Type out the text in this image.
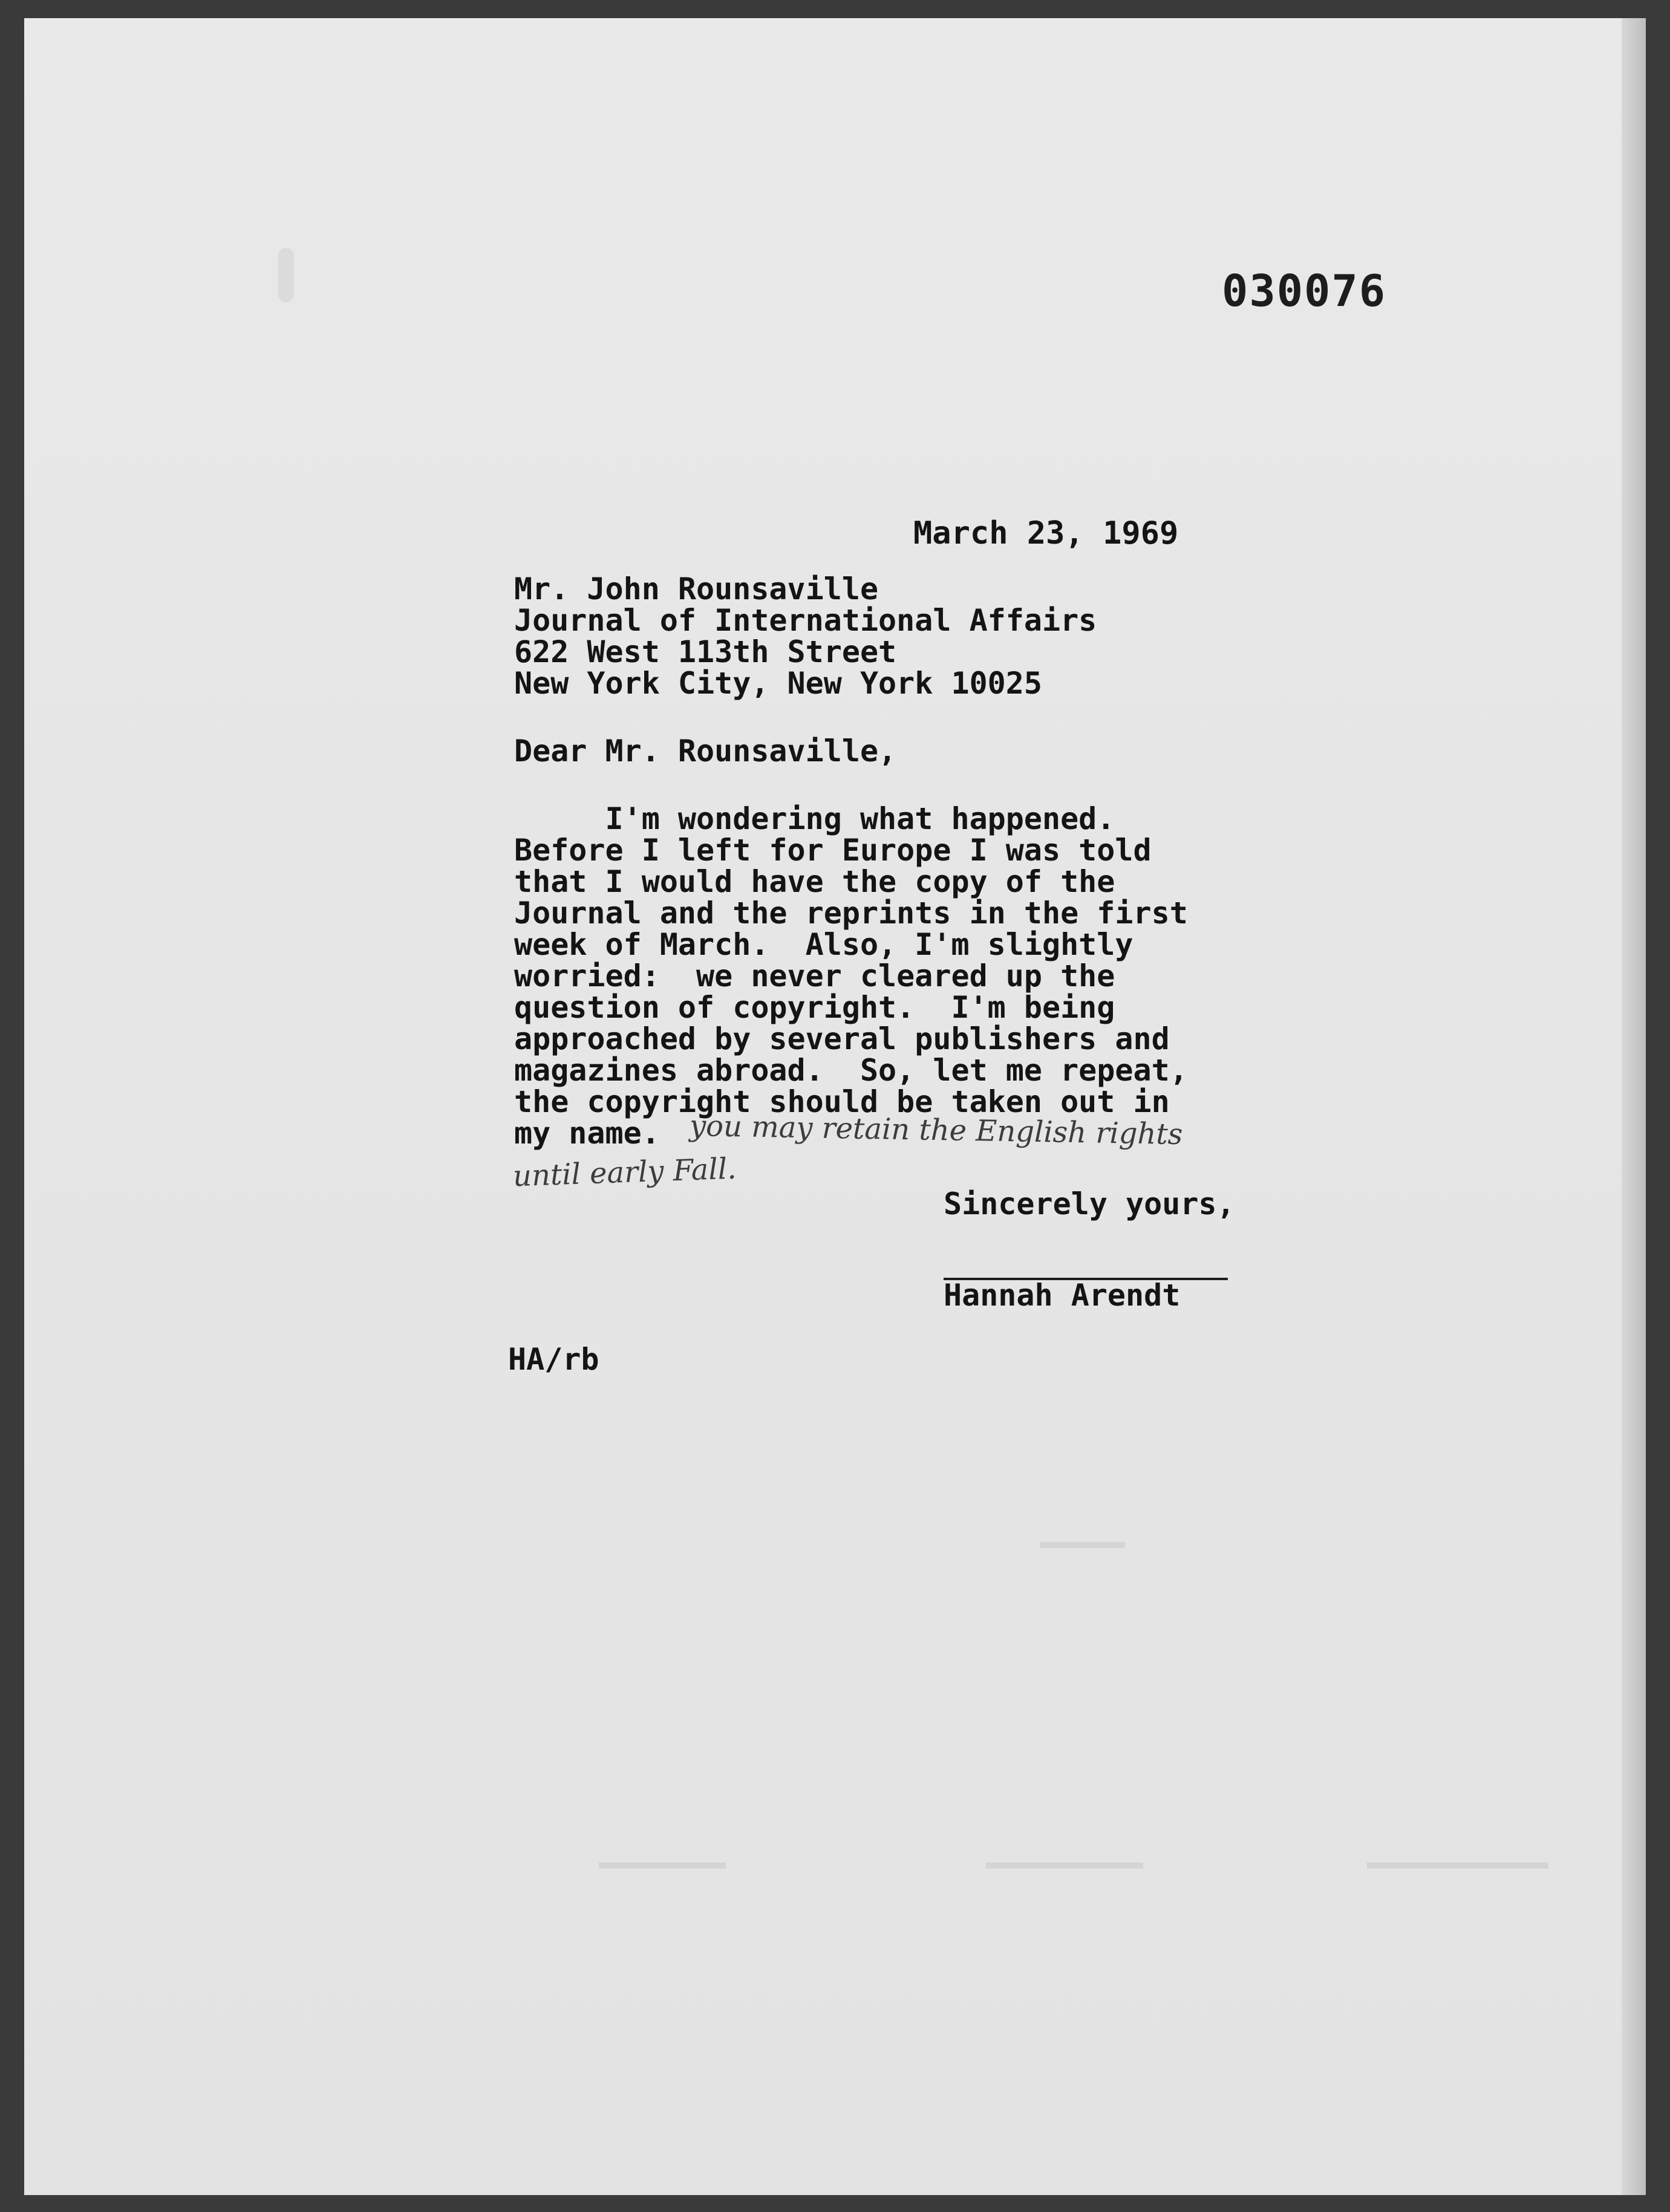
030076
March 23, 1969
Mr. John Rounsaville
Journal of International Affairs
622 West 113th Street
New York City, New York 10025
Dear Mr. Rounsaville,
I'm wondering what happened.
Before I left for Europe I was told
that I would have the copy of the
Journal and the reprints in the first
week of March.  Also, I'm slightly
worried:  we never cleared up the
question of copyright.  I'm being
approached by several publishers and
magazines abroad.  So, let me repeat,
the copyright should be taken out in
my name. you may retain the English rights
until early Fall.
Sincerely yours,
Hannah Arendt
HA/rb
